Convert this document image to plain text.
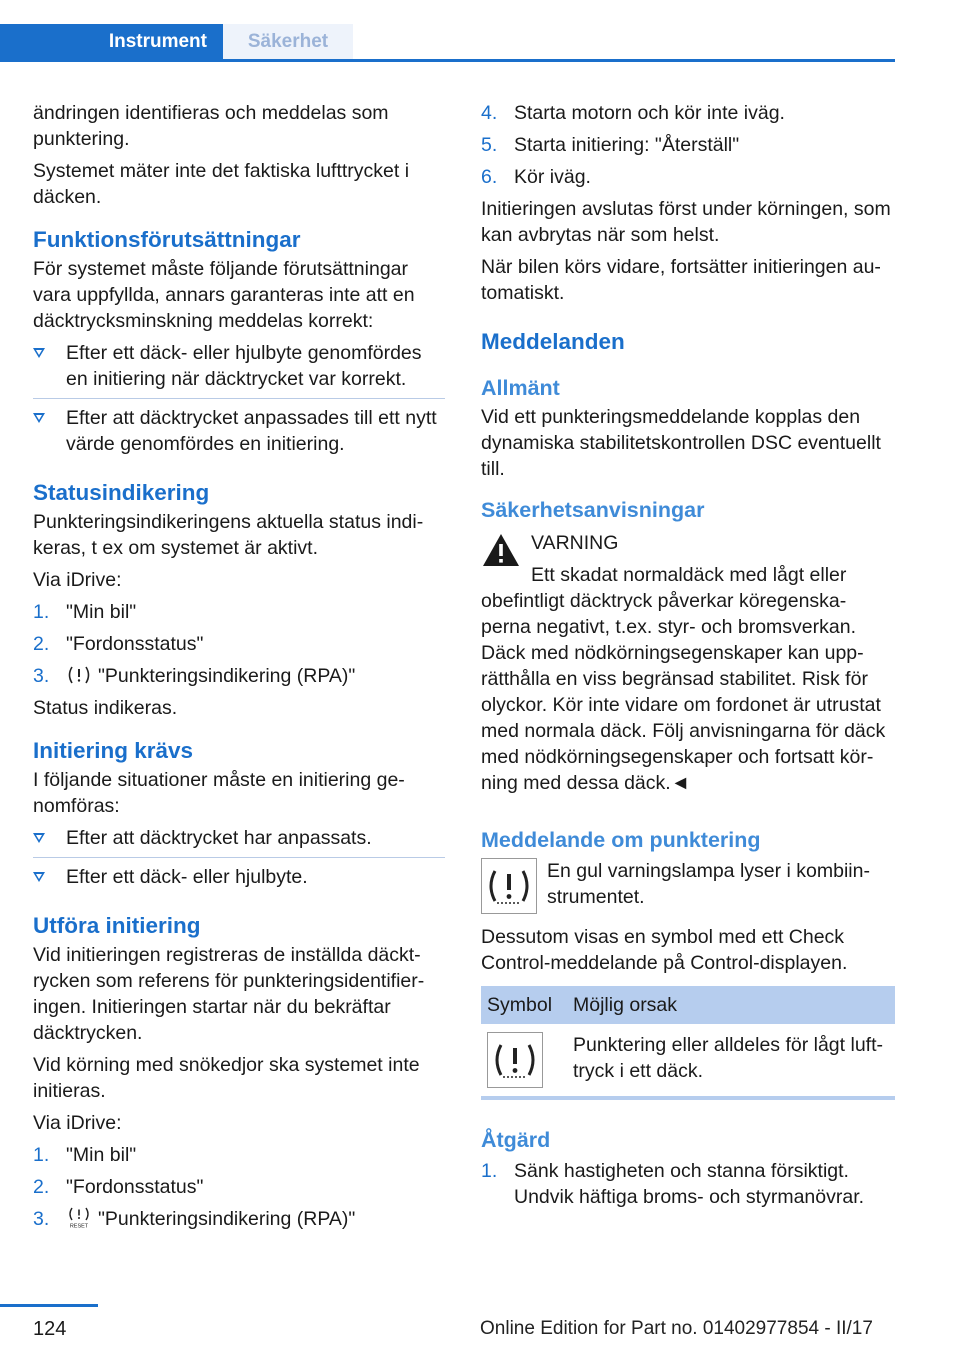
Instrument	Säkerhet

ändringen identifieras och meddelas som punktering.

Systemet mäter inte det faktiska lufttrycket i däcken.

Funktionsförutsättningar

För systemet måste följande förutsättningar vara uppfyllda, annars garanteras inte att en däcktrycksminskning meddelas korrekt:

Efter ett däck- eller hjulbyte genomfördes en initiering när däcktrycket var korrekt.
Efter att däcktrycket anpassades till ett nytt värde genomfördes en initiering.
Statusindikering

Punkteringsindikeringens aktuella status indi-keras, t ex om systemet är aktivt.

Via iDrive:

1. "Min bil"
2. "Fordonsstatus"
3. "Punkteringsindikering (RPA)"

Status indikeras.

Initiering krävs

I följande situationer måste en initiering ge-nomföras:

Efter att däcktrycket har anpassats.
Efter ett däck- eller hjulbyte.
Utföra initiering

Vid initieringen registreras de inställda däckt-rycken som referens för punkteringsidentifier-ingen. Initieringen startar när du bekräftar däcktrycken.

Vid körning med snökedjor ska systemet inte initieras.

Via iDrive:

1. "Min bil"
2. "Fordonsstatus"
3.	RESET "Punkteringsindikering (RPA)"
4. Starta motorn och kör inte iväg.
5. Starta initiering: "Återställ"
6. Kör iväg.

Initieringen avslutas först under körningen, som kan avbrytas när som helst.

När bilen körs vidare, fortsätter initieringen au-tomatiskt.

Meddelanden
Allmänt

Vid ett punkteringsmeddelande kopplas den dynamiska stabilitetskontrollen DSC eventuellt till.

Säkerhetsanvisningar
VARNING
Ett skadat normaldäck med lågt eller
obefintligt däcktryck påverkar köregenska-perna negativt, t.ex. styr- och bromsverkan. Däck med nödkörningsegenskaper kan upp-rätthålla en viss begränsad stabilitet. Risk för olyckor. Kör inte vidare om fordonet är utrustat med normala däck. Följ anvisningarna för däck med nödkörningsegenskaper och fortsatt kör-ning med dessa däck.◄
Meddelande om punktering
En gul varningslampa lyser i kombiin-strumentet.

Dessutom visas en symbol med ett Check Control-meddelande på Control-displayen.

Symbol	Möjlig orsak

	Punktering eller alldeles för lågt luft-tryck i ett däck.
Åtgärd
1. Sänk hastigheten och stanna försiktigt. Undvik häftiga broms- och styrmanövrar.
124	Online Edition for Part no. 01402977854 - II/17
